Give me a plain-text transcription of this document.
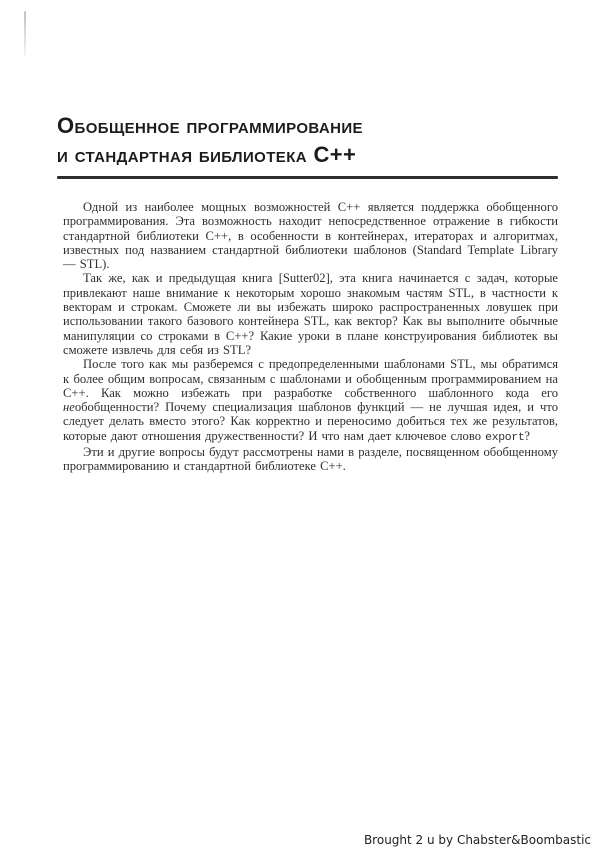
Обобщенное программирование
и стандартная библиотека C++

Одной из наиболее мощных возможностей C++ является поддержка обобщенного программирования. Эта возможность находит непосредственное отражение в гибкости стандартной библиотеки C++, в особенности в контейнерах, итераторах и алгоритмах, известных под названием стандартной библиотеки шаблонов (Standard Template Library — STL).

Так же, как и предыдущая книга [Sutter02], эта книга начинается с задач, которые привлекают наше внимание к некоторым хорошо знакомым частям STL, в частности к векторам и строкам. Сможете ли вы избежать широко распространенных ловушек при использовании такого базового контейнера STL, как вектор? Как вы выполните обычные манипуляции со строками в C++? Какие уроки в плане конструирования библиотек вы сможете извлечь для себя из STL?

После того как мы разберемся с предопределенными шаблонами STL, мы обратимся к более общим вопросам, связанным с шаблонами и обобщенным программированием на C++. Как можно избежать при разработке собственного шаблонного кода его необобщенности? Почему специализация шаблонов функций — не лучшая идея, и что следует делать вместо этого? Как корректно и переносимо добиться тех же результатов, которые дают отношения дружественности? И что нам дает ключевое слово export?

Эти и другие вопросы будут рассмотрены нами в разделе, посвященном обобщенному программированию и стандартной библиотеке C++.

Brought 2 u by Chabster&Boombastic
